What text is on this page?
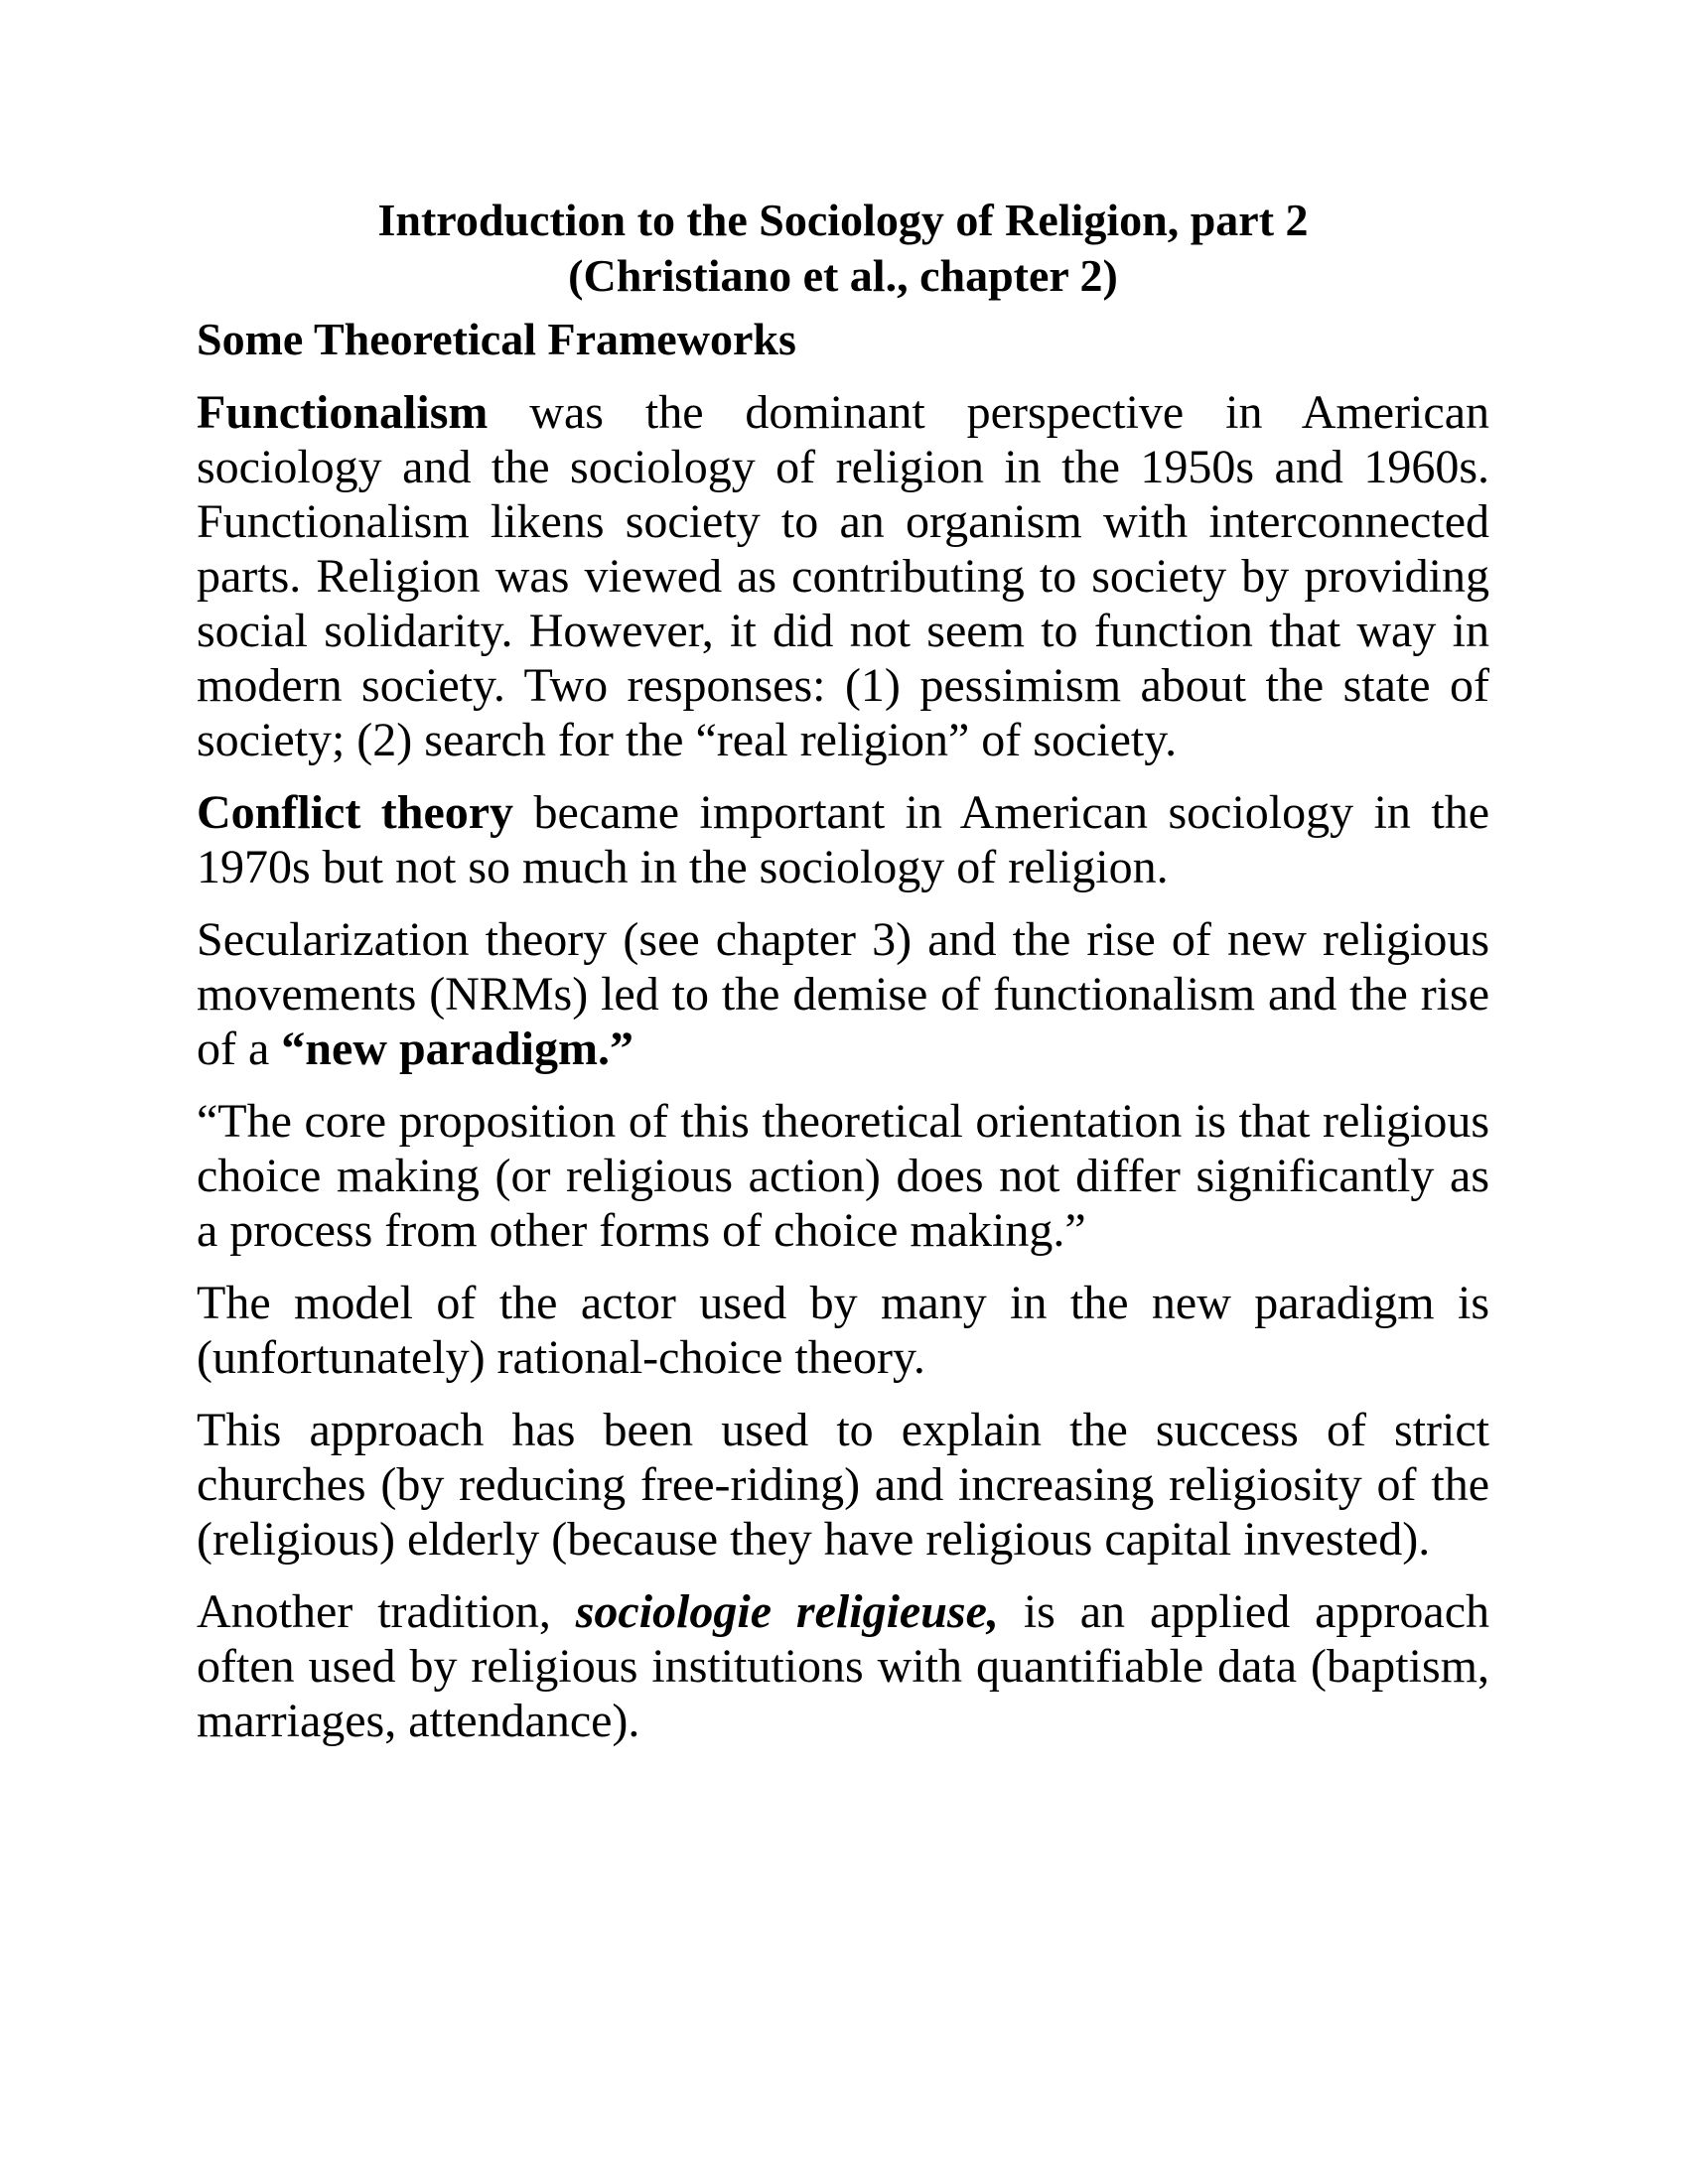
Introduction to the Sociology of Religion, part 2
(Christiano et al., chapter 2)
Some Theoretical Frameworks

Functionalism was the dominant perspective in American sociology and the sociology of religion in the 1950s and 1960s. Functionalism likens society to an organism with interconnected parts. Religion was viewed as contributing to society by providing social solidarity. However, it did not seem to function that way in modern society. Two responses: (1) pessimism about the state of society; (2) search for the “real religion” of society.

Conflict theory became important in American sociology in the 1970s but not so much in the sociology of religion.

Secularization theory (see chapter 3) and the rise of new religious movements (NRMs) led to the demise of functionalism and the rise of a “new paradigm.”

“The core proposition of this theoretical orientation is that religious choice making (or religious action) does not differ significantly as a process from other forms of choice making.”

The model of the actor used by many in the new paradigm is (unfortunately) rational-choice theory.

This approach has been used to explain the success of strict churches (by reducing free-riding) and increasing religiosity of the (religious) elderly (because they have religious capital invested).

Another tradition, sociologie religieuse, is an applied approach often used by religious institutions with quantifiable data (baptism, marriages, attendance).
